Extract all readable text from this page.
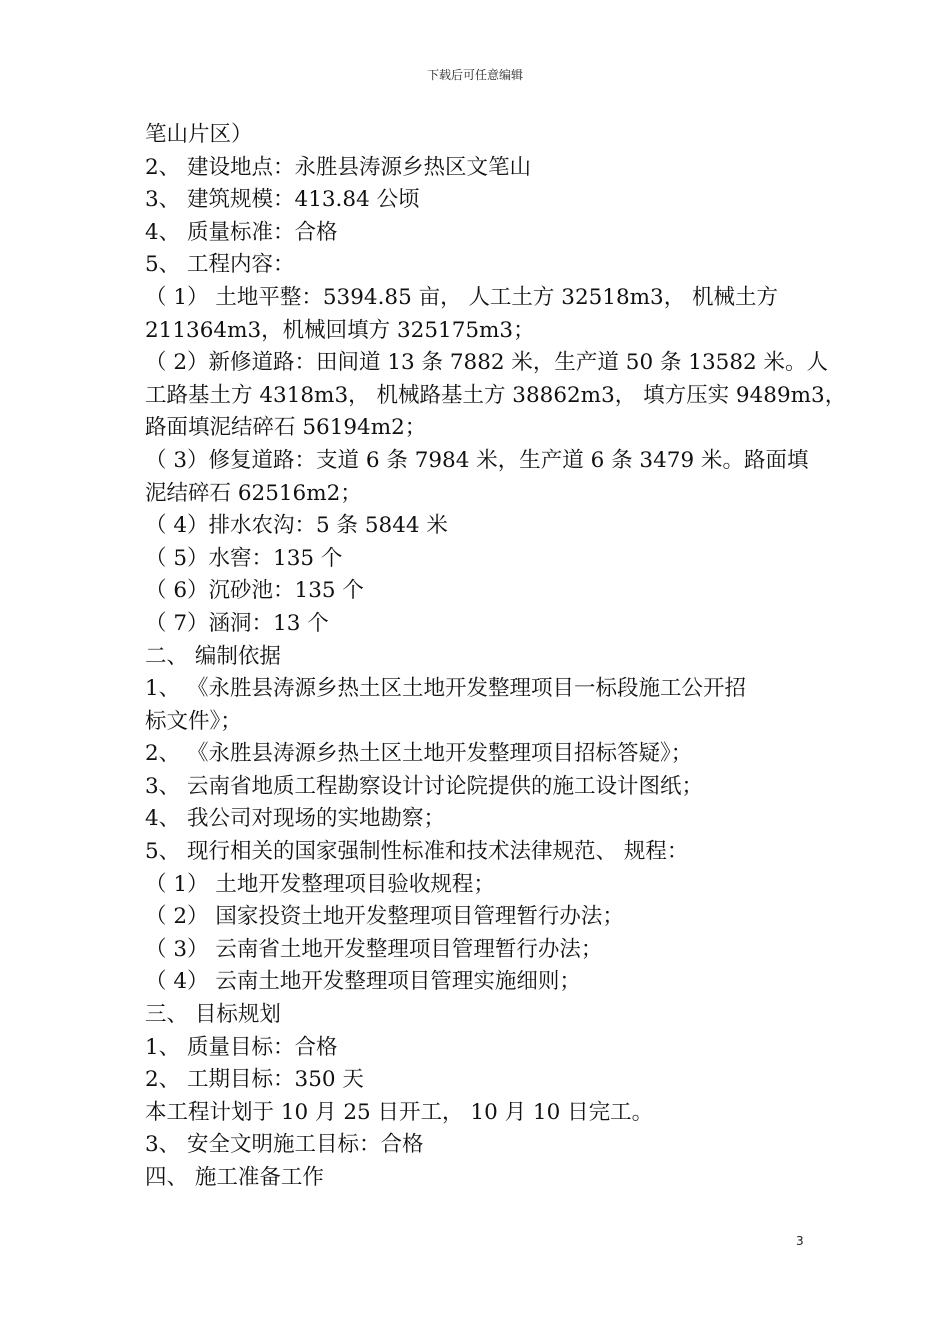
下载后可任意编辑
笔山片区）
2、 建设地点：永胜县涛源乡热区文笔山
3、 建筑规模：413.84 公顷
4、 质量标准：合格
5、 工程内容：
（ 1） 土地平整：5394.85 亩， 人工土方 32518m3， 机械土方
211364m3，机械回填方 325175m3；
（ 2）新修道路：田间道 13 条 7882 米，生产道 50 条 13582 米。人
工路基土方 4318m3， 机械路基土方 38862m3， 填方压实 9489m3，
路面填泥结碎石 56194m2；
（ 3）修复道路：支道 6 条 7984 米，生产道 6 条 3479 米。路面填
泥结碎石 62516m2；
（ 4）排水农沟：5 条 5844 米
（ 5）水窖：135 个
（ 6）沉砂池：135 个
（ 7）涵洞：13 个
二、 编制依据
1、 《永胜县涛源乡热土区土地开发整理项目一标段施工公开招
标文件》；
2、 《永胜县涛源乡热土区土地开发整理项目招标答疑》；
3、 云南省地质工程勘察设计讨论院提供的施工设计图纸；
4、 我公司对现场的实地勘察；
5、 现行相关的国家强制性标准和技术法律规范、 规程：
（ 1） 土地开发整理项目验收规程；
（ 2） 国家投资土地开发整理项目管理暂行办法；
（ 3） 云南省土地开发整理项目管理暂行办法；
（ 4） 云南土地开发整理项目管理实施细则；
三、 目标规划
1、 质量目标：合格
2、 工期目标：350 天
本工程计划于 10 月 25 日开工， 10 月 10 日完工。
3、 安全文明施工目标：合格
四、 施工准备工作
3
